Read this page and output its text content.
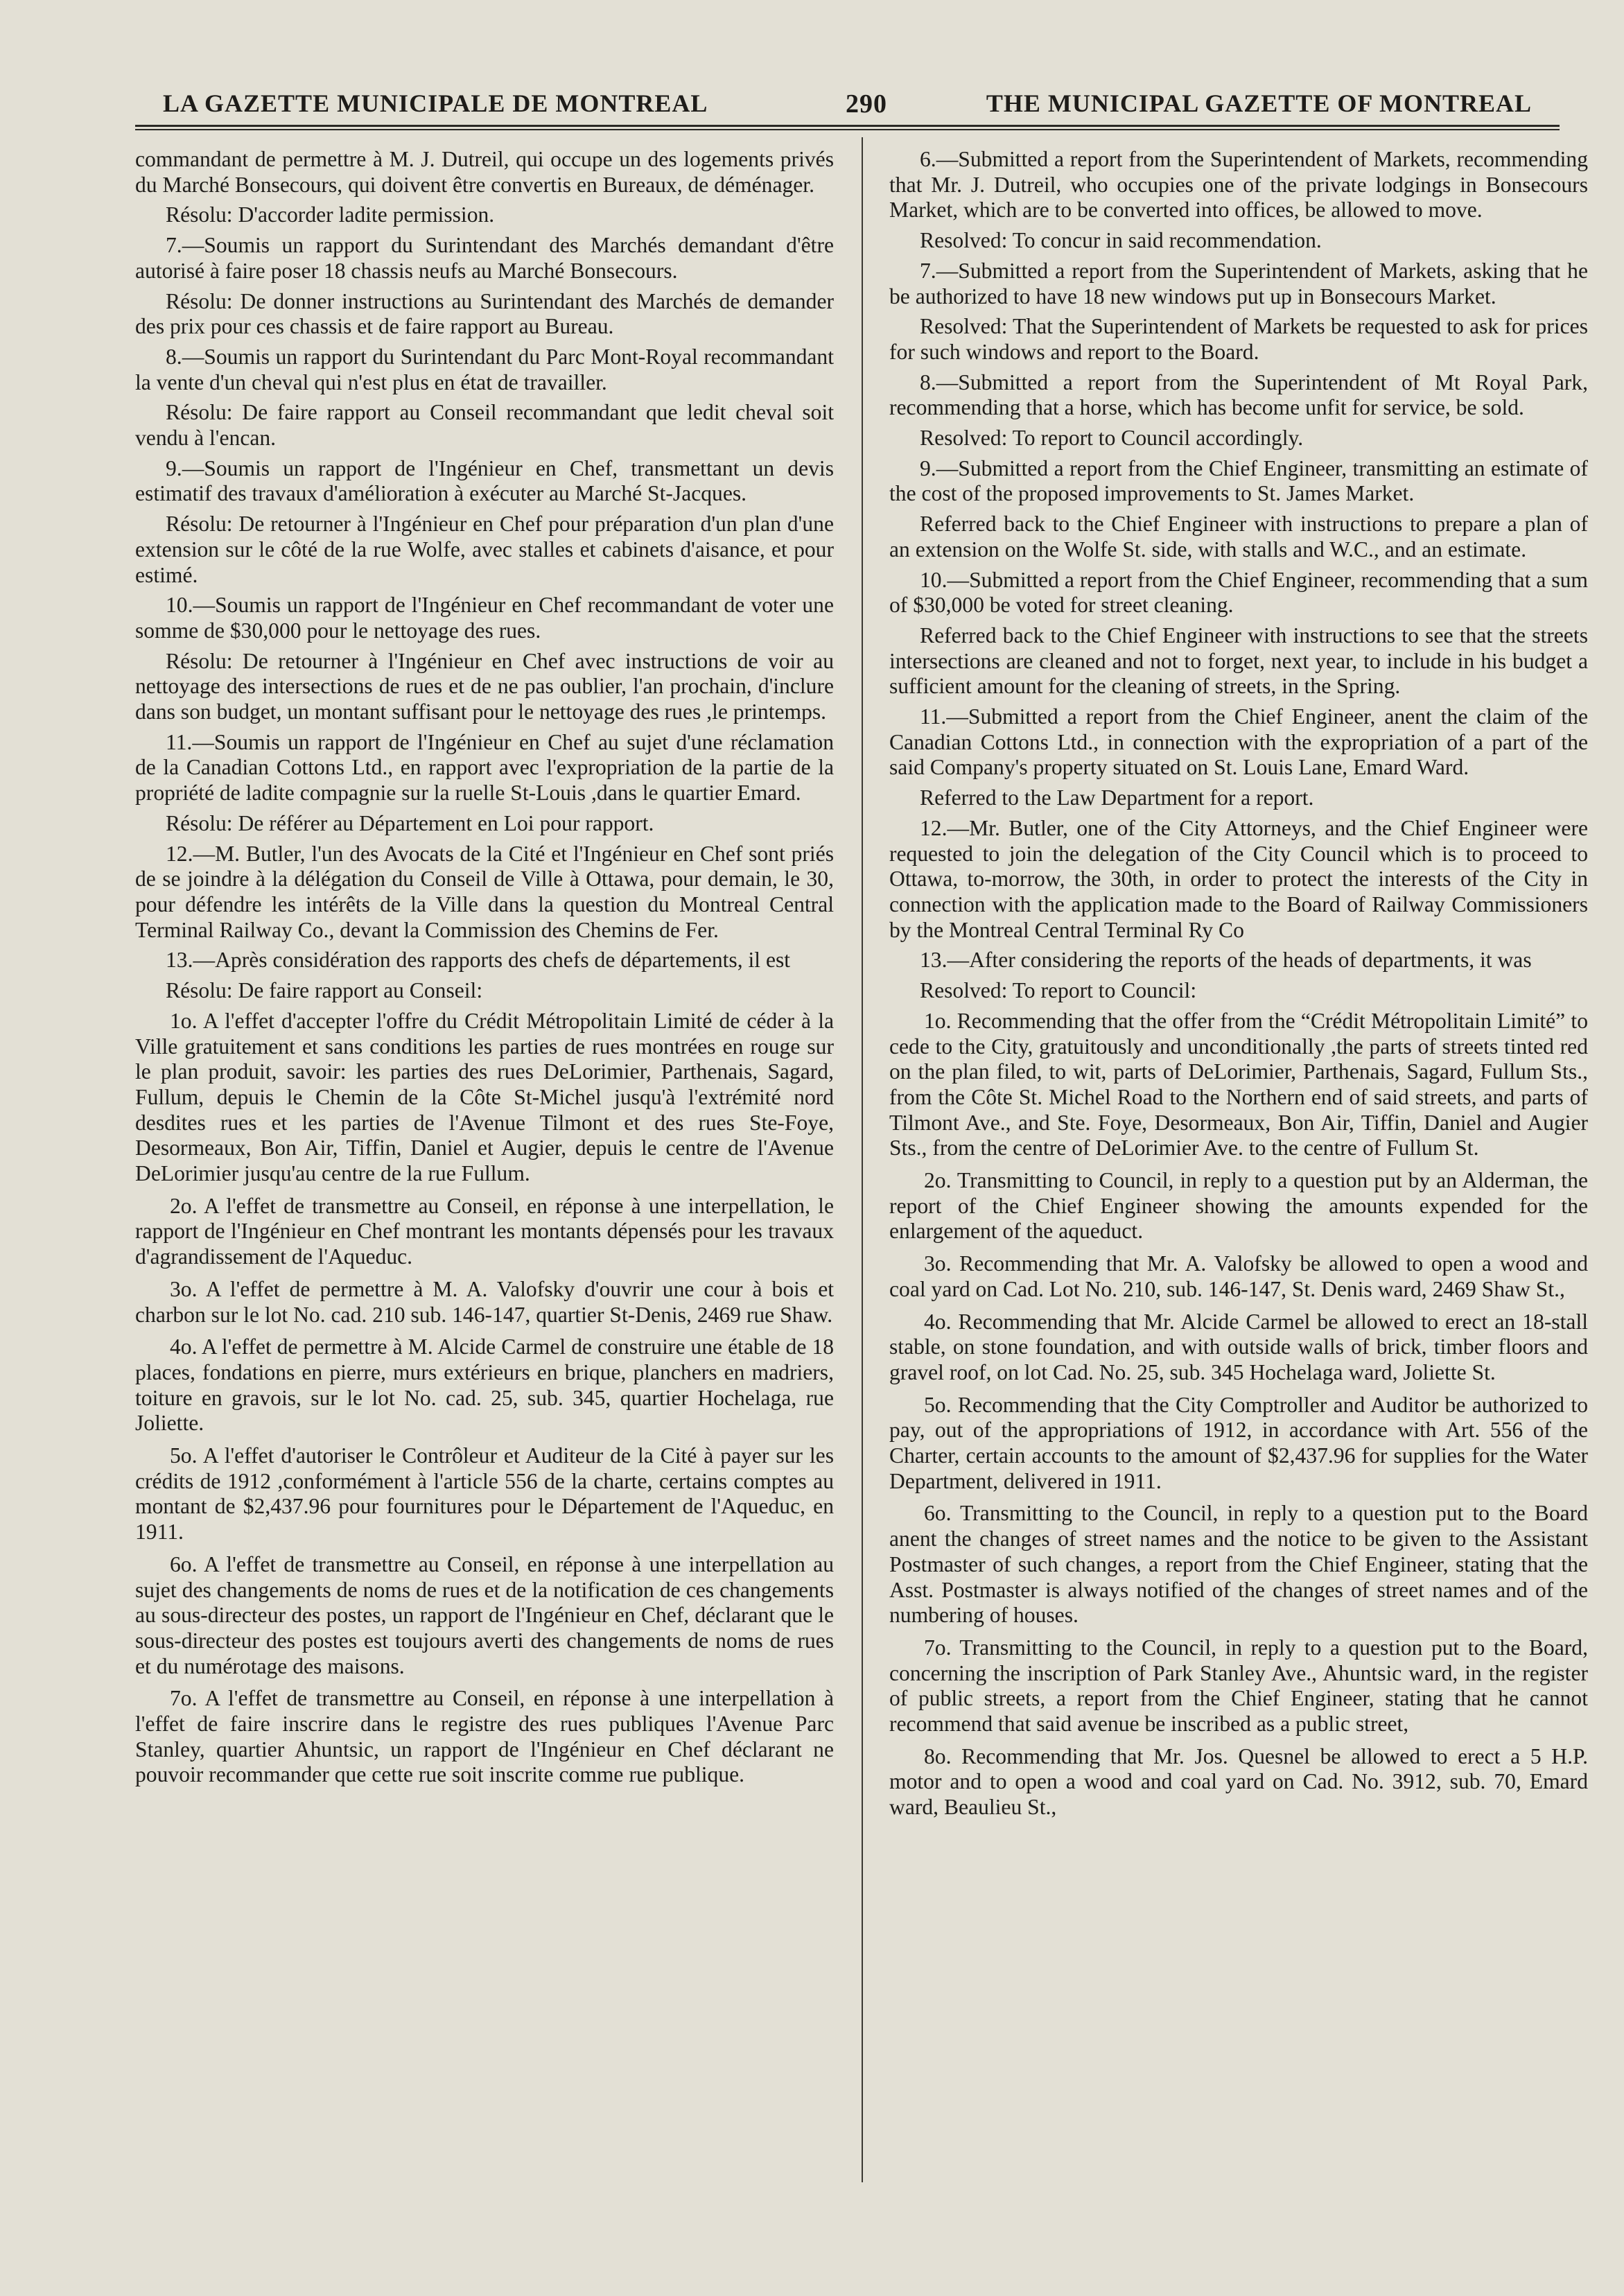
LA GAZETTE MUNICIPALE DE MONTREAL	290	THE MUNICIPAL GAZETTE OF MONTREAL

commandant de permettre à M. J. Dutreil, qui occupe un des logements privés du Marché Bonsecours, qui doivent être convertis en Bureaux, de déménager.

Résolu: D'accorder ladite permission.

7.—Soumis un rapport du Surintendant des Marchés demandant d'être autorisé à faire poser 18 chassis neufs au Marché Bonsecours.

Résolu: De donner instructions au Surintendant des Marchés de demander des prix pour ces chassis et de faire rapport au Bureau.

8.—Soumis un rapport du Surintendant du Parc Mont-Royal recommandant la vente d'un cheval qui n'est plus en état de travailler.

Résolu: De faire rapport au Conseil recommandant que ledit cheval soit vendu à l'encan.

9.—Soumis un rapport de l'Ingénieur en Chef, transmettant un devis estimatif des travaux d'amélioration à exécuter au Marché St-Jacques.

Résolu: De retourner à l'Ingénieur en Chef pour préparation d'un plan d'une extension sur le côté de la rue Wolfe, avec stalles et cabinets d'aisance, et pour estimé.

10.—Soumis un rapport de l'Ingénieur en Chef recommandant de voter une somme de $30,000 pour le nettoyage des rues.

Résolu: De retourner à l'Ingénieur en Chef avec instructions de voir au nettoyage des intersections de rues et de ne pas oublier, l'an prochain, d'inclure dans son budget, un montant suffisant pour le nettoyage des rues ,le printemps.

11.—Soumis un rapport de l'Ingénieur en Chef au sujet d'une réclamation de la Canadian Cottons Ltd., en rapport avec l'expropriation de la partie de la propriété de ladite compagnie sur la ruelle St-Louis ,dans le quartier Emard.

Résolu: De référer au Département en Loi pour rapport.

12.—M. Butler, l'un des Avocats de la Cité et l'Ingénieur en Chef sont priés de se joindre à la délégation du Conseil de Ville à Ottawa, pour demain, le 30, pour défendre les intérêts de la Ville dans la question du Montreal Central Terminal Railway Co., devant la Commission des Chemins de Fer.

13.—Après considération des rapports des chefs de départements, il est

Résolu: De faire rapport au Conseil:

1o. A l'effet d'accepter l'offre du Crédit Métropolitain Limité de céder à la Ville gratuitement et sans conditions les parties de rues montrées en rouge sur le plan produit, savoir: les parties des rues DeLorimier, Parthenais, Sagard, Fullum, depuis le Chemin de la Côte St-Michel jusqu'à l'extrémité nord desdites rues et les parties de l'Avenue Tilmont et des rues Ste-Foye, Desormeaux, Bon Air, Tiffin, Daniel et Augier, depuis le centre de l'Avenue DeLorimier jusqu'au centre de la rue Fullum.

2o. A l'effet de transmettre au Conseil, en réponse à une interpellation, le rapport de l'Ingénieur en Chef montrant les montants dépensés pour les travaux d'agrandissement de l'Aqueduc.

3o. A l'effet de permettre à M. A. Valofsky d'ouvrir une cour à bois et charbon sur le lot No. cad. 210 sub. 146-147, quartier St-Denis, 2469 rue Shaw.

4o. A l'effet de permettre à M. Alcide Carmel de construire une étable de 18 places, fondations en pierre, murs extérieurs en brique, planchers en madriers, toiture en gravois, sur le lot No. cad. 25, sub. 345, quartier Hochelaga, rue Joliette.

5o. A l'effet d'autoriser le Contrôleur et Auditeur de la Cité à payer sur les crédits de 1912 ,conformément à l'article 556 de la charte, certains comptes au montant de $2,437.96 pour fournitures pour le Département de l'Aqueduc, en 1911.

6o. A l'effet de transmettre au Conseil, en réponse à une interpellation au sujet des changements de noms de rues et de la notification de ces changements au sous-directeur des postes, un rapport de l'Ingénieur en Chef, déclarant que le sous-directeur des postes est toujours averti des changements de noms de rues et du numérotage des maisons.

7o. A l'effet de transmettre au Conseil, en réponse à une interpellation à l'effet de faire inscrire dans le registre des rues publiques l'Avenue Parc Stanley, quartier Ahuntsic, un rapport de l'Ingénieur en Chef déclarant ne pouvoir recommander que cette rue soit inscrite comme rue publique.

6.—Submitted a report from the Superintendent of Markets, recommending that Mr. J. Dutreil, who occupies one of the private lodgings in Bonsecours Market, which are to be converted into offices, be allowed to move.

Resolved: To concur in said recommendation.

7.—Submitted a report from the Superintendent of Markets, asking that he be authorized to have 18 new windows put up in Bonsecours Market.

Resolved: That the Superintendent of Markets be requested to ask for prices for such windows and report to the Board.

8.—Submitted a report from the Superintendent of Mt Royal Park, recommending that a horse, which has become unfit for service, be sold.

Resolved: To report to Council accordingly.

9.—Submitted a report from the Chief Engineer, transmitting an estimate of the cost of the proposed improvements to St. James Market.

Referred back to the Chief Engineer with instructions to prepare a plan of an extension on the Wolfe St. side, with stalls and W.C., and an estimate.

10.—Submitted a report from the Chief Engineer, recommending that a sum of $30,000 be voted for street cleaning.

Referred back to the Chief Engineer with instructions to see that the streets intersections are cleaned and not to forget, next year, to include in his budget a sufficient amount for the cleaning of streets, in the Spring.

11.—Submitted a report from the Chief Engineer, anent the claim of the Canadian Cottons Ltd., in connection with the expropriation of a part of the said Company's property situated on St. Louis Lane, Emard Ward.

Referred to the Law Department for a report.

12.—Mr. Butler, one of the City Attorneys, and the Chief Engineer were requested to join the delegation of the City Council which is to proceed to Ottawa, to-morrow, the 30th, in order to protect the interests of the City in connection with the application made to the Board of Railway Commissioners by the Montreal Central Terminal Ry Co

13.—After considering the reports of the heads of departments, it was

Resolved: To report to Council:

1o. Recommending that the offer from the “Crédit Métropolitain Limité” to cede to the City, gratuitously and unconditionally ,the parts of streets tinted red on the plan filed, to wit, parts of DeLorimier, Parthenais, Sagard, Fullum Sts., from the Côte St. Michel Road to the Northern end of said streets, and parts of Tilmont Ave., and Ste. Foye, Desormeaux, Bon Air, Tiffin, Daniel and Augier Sts., from the centre of DeLorimier Ave. to the centre of Fullum St.

2o. Transmitting to Council, in reply to a question put by an Alderman, the report of the Chief Engineer showing the amounts expended for the enlargement of the aqueduct.

3o. Recommending that Mr. A. Valofsky be allowed to open a wood and coal yard on Cad. Lot No. 210, sub. 146-147, St. Denis ward, 2469 Shaw St.,

4o. Recommending that Mr. Alcide Carmel be allowed to erect an 18-stall stable, on stone foundation, and with outside walls of brick, timber floors and gravel roof, on lot Cad. No. 25, sub. 345 Hochelaga ward, Joliette St.

5o. Recommending that the City Comptroller and Auditor be authorized to pay, out of the appropriations of 1912, in accordance with Art. 556 of the Charter, certain accounts to the amount of $2,437.96 for supplies for the Water Department, delivered in 1911.

6o. Transmitting to the Council, in reply to a question put to the Board anent the changes of street names and the notice to be given to the Assistant Postmaster of such changes, a report from the Chief Engineer, stating that the Asst. Postmaster is always notified of the changes of street names and of the numbering of houses.

7o. Transmitting to the Council, in reply to a question put to the Board, concerning the inscription of Park Stanley Ave., Ahuntsic ward, in the register of public streets, a report from the Chief Engineer, stating that he cannot recommend that said avenue be inscribed as a public street,

8o. Recommending that Mr. Jos. Quesnel be allowed to erect a 5 H.P. motor and to open a wood and coal yard on Cad. No. 3912, sub. 70, Emard ward, Beaulieu St.,
